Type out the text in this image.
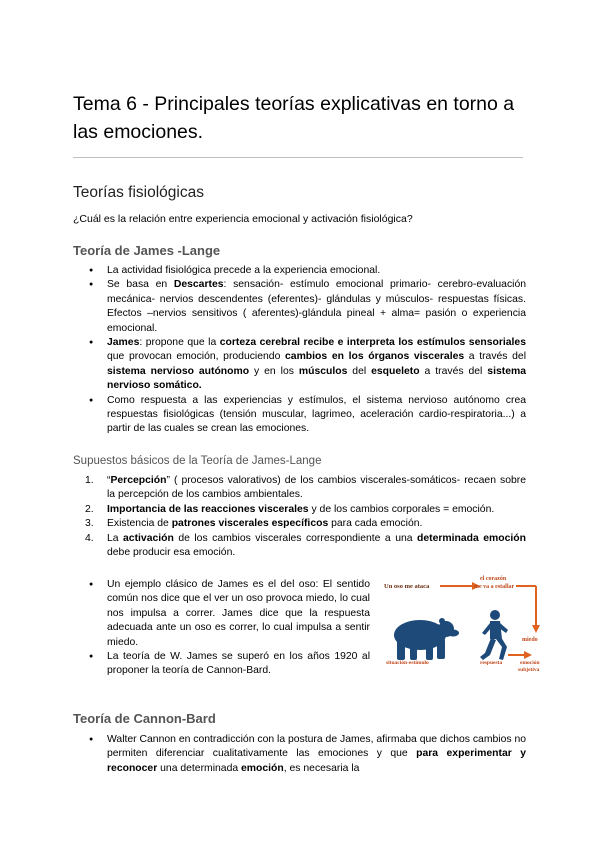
Tema 6 - Principales teorías explicativas en torno a las emociones.
Teorías fisiológicas

¿Cuál es la relación entre experiencia emocional y activación fisiológica?

Teoría de James -Lange
● La actividad fisiológica precede a la experiencia emocional.
● Se basa en Descartes: sensación- estímulo emocional primario- cerebro-evaluación mecánica- nervios descendentes (eferentes)- glándulas y músculos- respuestas físicas. Efectos –nervios sensitivos ( aferentes)-glándula pineal + alma= pasión o experiencia emocional.
● James: propone que la corteza cerebral recibe e interpreta los estímulos sensoriales que provocan emoción, produciendo cambios en los órganos viscerales a través del sistema nervioso autónomo y en los músculos del esqueleto a través del sistema nervioso somático.
● Como respuesta a las experiencias y estímulos, el sistema nervioso autónomo crea respuestas fisiológicas (tensión muscular, lagrimeo, aceleración cardio-respiratoria...) a partir de las cuales se crean las emociones.
Supuestos básicos de la Teoría de James-Lange
1. “Percepción” ( procesos valorativos) de los cambios viscerales-somáticos- recaen sobre la percepción de los cambios ambientales.
2. Importancia de las reacciones viscerales y de los cambios corporales = emoción.
3. Existencia de patrones viscerales específicos para cada emoción.
4. La activación de los cambios viscerales correspondiente a una determinada emoción debe producir esa emoción.
● Un ejemplo clásico de James es el del oso: El sentido común nos dice que el ver un oso provoca miedo, lo cual nos impulsa a correr. James dice que la respuesta adecuada ante un oso es correr, lo cual impulsa a sentir miedo.
● La teoría de W. James se superó en los años 1920 al proponer la teoría de Cannon-Bard.
Un oso me ataca
el corazón
me va a estallar
miedo
situación-estímulo	respuesta	emoción
subjetiva
Teoría de Cannon-Bard
● Walter Cannon en contradicción con la postura de James, afirmaba que dichos cambios no permiten diferenciar cualitativamente las emociones y que para experimentar y reconocer una determinada emoción, es necesaria la
